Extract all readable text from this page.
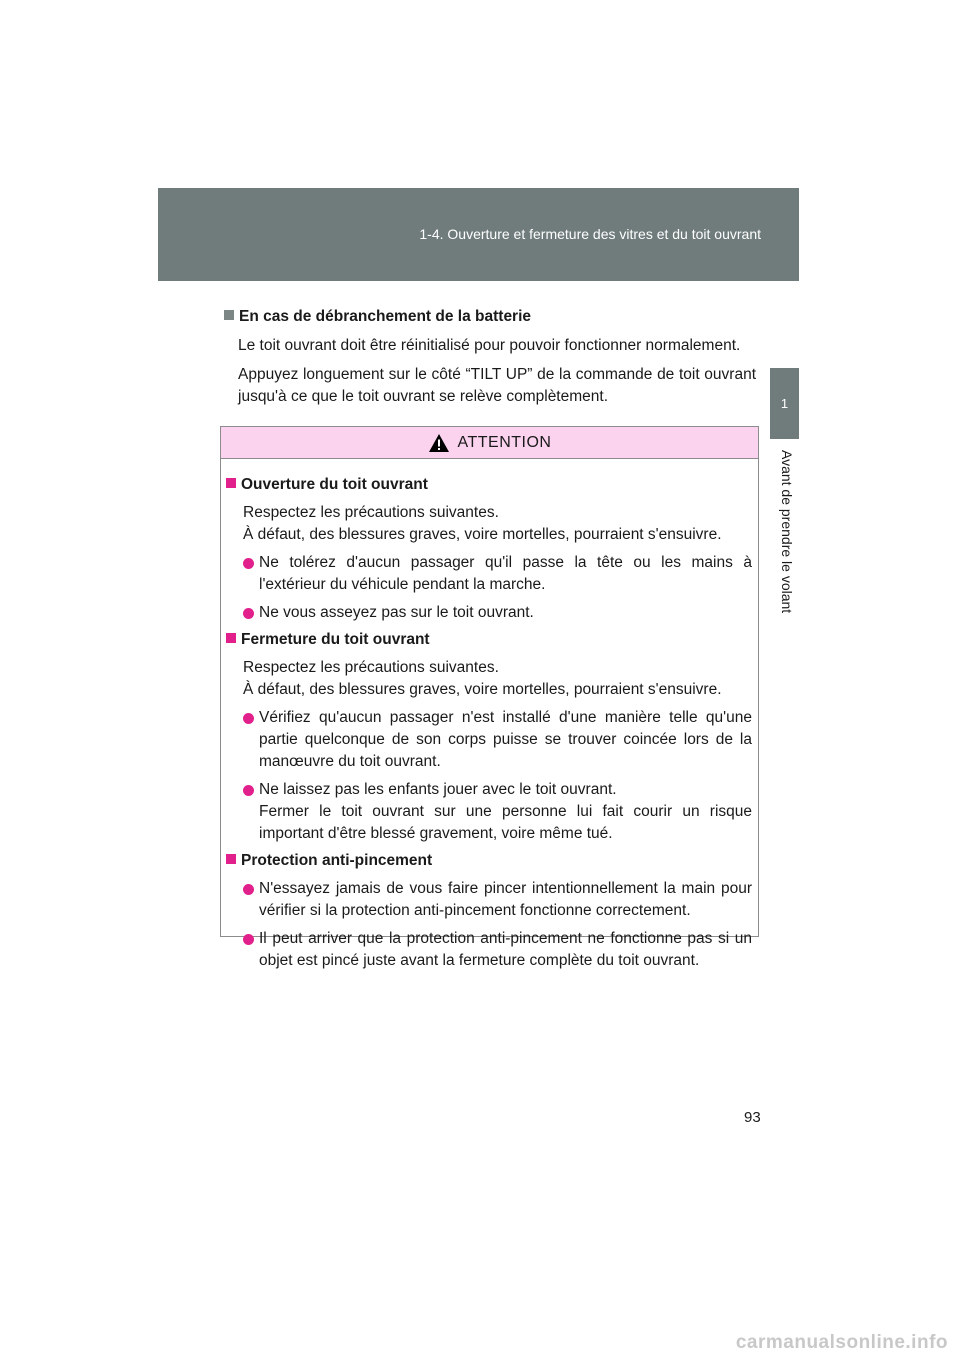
1-4. Ouverture et fermeture des vitres et du toit ouvrant
1
Avant de prendre le volant
En cas de débranchement de la batterie
Le toit ouvrant doit être réinitialisé pour pouvoir fonctionner normalement.
Appuyez longuement sur le côté “TILT UP” de la commande de toit ouvrant jusqu'à ce que le toit ouvrant se relève complètement.
ATTENTION
Ouverture du toit ouvrant
Respectez les précautions suivantes.
À défaut, des blessures graves, voire mortelles, pourraient s'ensuivre.
Ne tolérez d'aucun passager qu'il passe la tête ou les mains à l'extérieur du véhicule pendant la marche.
Ne vous asseyez pas sur le toit ouvrant.
Fermeture du toit ouvrant
Respectez les précautions suivantes.
À défaut, des blessures graves, voire mortelles, pourraient s'ensuivre.
Vérifiez qu'aucun passager n'est installé d'une manière telle qu'une partie quelconque de son corps puisse se trouver coincée lors de la manœuvre du toit ouvrant.
Ne laissez pas les enfants jouer avec le toit ouvrant.
Fermer le toit ouvrant sur une personne lui fait courir un risque important d'être blessé gravement, voire même tué.
Protection anti-pincement
N'essayez jamais de vous faire pincer intentionnellement la main pour vérifier si la protection anti-pincement fonctionne correctement.
Il peut arriver que la protection anti-pincement ne fonctionne pas si un objet est pincé juste avant la fermeture complète du toit ouvrant.
93
carmanualsonline.info
